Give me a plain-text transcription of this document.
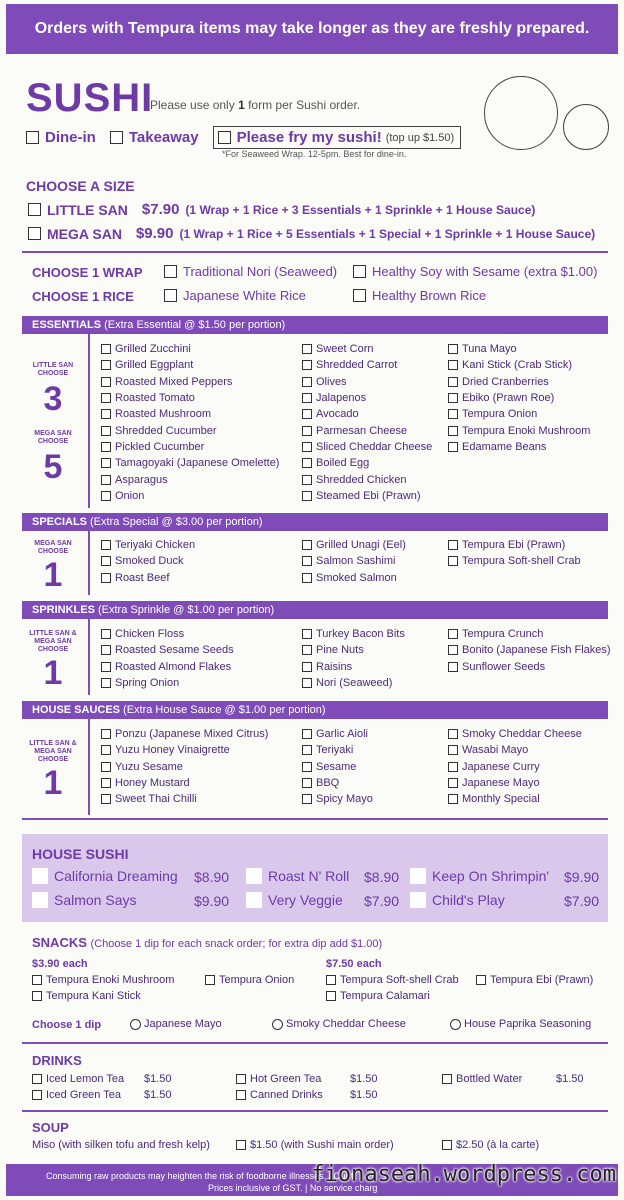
Orders with Tempura items may take longer as they are freshly prepared.
SUSHI
Please use only 1 form per Sushi order.
Dine-in Takeaway	Please fry my sushi! (top up $1.50)
*For Seaweed Wrap. 12-5pm. Best for dine-in.
CHOOSE A SIZE
LITTLE SAN $7.90 (1 Wrap + 1 Rice + 3 Essentials + 1 Sprinkle + 1 House Sauce)
MEGA SAN $9.90 (1 Wrap + 1 Rice + 5 Essentials + 1 Special + 1 Sprinkle + 1 House Sauce)
CHOOSE 1 WRAP	Traditional Nori (Seaweed)	Healthy Soy with Sesame (extra $1.00)
CHOOSE 1 RICE	Japanese White Rice	Healthy Brown Rice
ESSENTIALS (Extra Essential @ $1.50 per portion)
LITTLE SAN CHOOSE
3
MEGA SAN CHOOSE
5
Grilled Zucchini
Grilled Eggplant
Roasted Mixed Peppers
Roasted Tomato
Roasted Mushroom
Shredded Cucumber
Pickled Cucumber
Tamagoyaki (Japanese Omelette)
Asparagus
Onion
Sweet Corn
Shredded Carrot
Olives
Jalapenos
Avocado
Parmesan Cheese
Sliced Cheddar Cheese
Boiled Egg
Shredded Chicken
Steamed Ebi (Prawn)
Tuna Mayo
Kani Stick (Crab Stick)
Dried Cranberries
Ebiko (Prawn Roe)
Tempura Onion
Tempura Enoki Mushroom
Edamame Beans
SPECIALS (Extra Special @ $3.00 per portion)
MEGA SAN CHOOSE
1
Teriyaki Chicken
Smoked Duck
Roast Beef
Grilled Unagi (Eel)
Salmon Sashimi
Smoked Salmon
Tempura Ebi (Prawn)
Tempura Soft-shell Crab
SPRINKLES (Extra Sprinkle @ $1.00 per portion)
LITTLE SAN & MEGA SAN CHOOSE
1
Chicken Floss
Roasted Sesame Seeds
Roasted Almond Flakes
Spring Onion
Turkey Bacon Bits
Pine Nuts
Raisins
Nori (Seaweed)
Tempura Crunch
Bonito (Japanese Fish Flakes)
Sunflower Seeds
HOUSE SAUCES (Extra House Sauce @ $1.00 per portion)
LITTLE SAN & MEGA SAN CHOOSE
1
Ponzu (Japanese Mixed Citrus)
Yuzu Honey Vinaigrette
Yuzu Sesame
Honey Mustard
Sweet Thai Chilli
Garlic Aioli
Teriyaki
Sesame
BBQ
Spicy Mayo
Smoky Cheddar Cheese
Wasabi Mayo
Japanese Curry
Japanese Mayo
Monthly Special
HOUSE SUSHI
California Dreaming $8.90	Roast N' Roll $8.90 Keep On Shrimpin' $9.90
Salmon Says	$9.90	Very Veggie $7.90 Child's Play	$7.90
SNACKS (Choose 1 dip for each snack order; for extra dip add $1.00)
$3.90 each	$7.50 each
Tempura Enoki Mushroom	Tempura Onion
Tempura Kani Stick
Tempura Soft-shell Crab	Tempura Ebi (Prawn)
Tempura Calamari
Choose 1 dip	Japanese Mayo	Smoky Cheddar Cheese	House Paprika Seasoning
DRINKS
Iced Lemon Tea $1.50
Iced Green Tea $1.50
Hot Green Tea	$1.50
Canned Drinks $1.50
Bottled Water	$1.50
SOUP
Miso (with silken tofu and fresh kelp)	$1.50 (with Sushi main order)	$2.50 (à la carte)
Consuming raw products may heighten the risk of foodborne illnesses. | Our f
Prices inclusive of GST. | No service charg
fionaseah.wordpress.com
